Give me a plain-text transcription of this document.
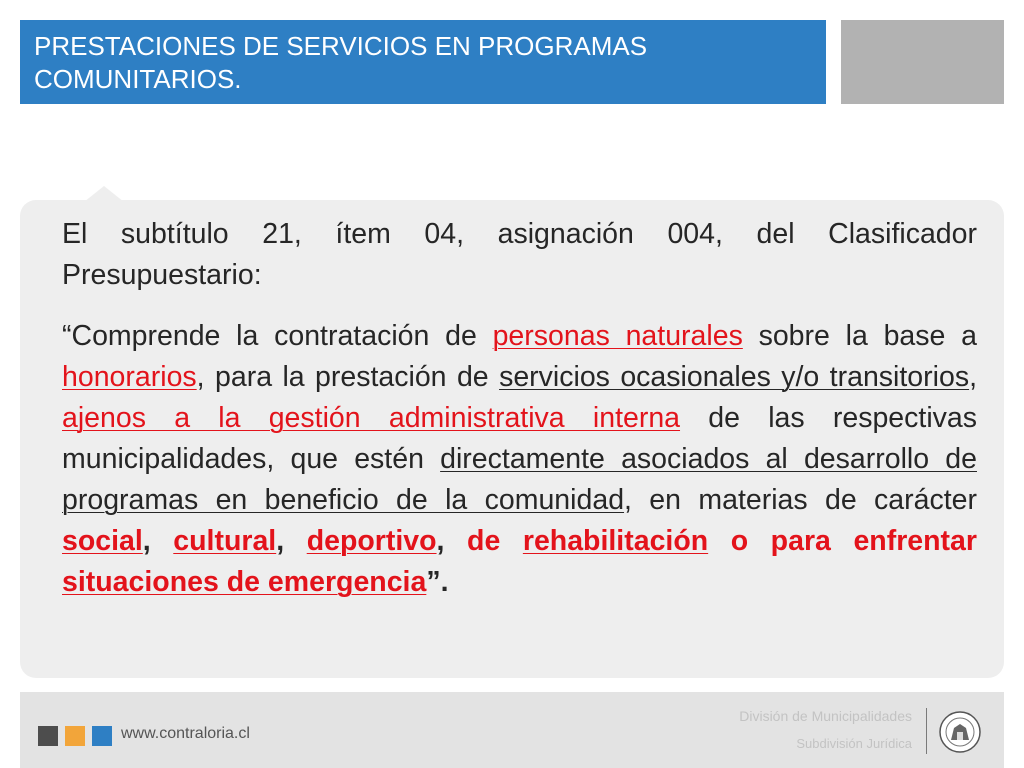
PRESTACIONES DE SERVICIOS EN PROGRAMAS
COMUNITARIOS.

El subtítulo 21, ítem 04, asignación 004, del Clasificador Presupuestario:

“Comprende la contratación de personas naturales sobre la base a honorarios, para la prestación de servicios ocasionales y/o transitorios, ajenos a la gestión administrativa interna de las respectivas municipalidades, que estén directamente asociados al desarrollo de programas en beneficio de la comunidad, en materias de carácter social, cultural, deportivo, de rehabilitación o para enfrentar situaciones de emergencia”.

www.contraloria.cl
División de Municipalidades
Subdivisión Jurídica
